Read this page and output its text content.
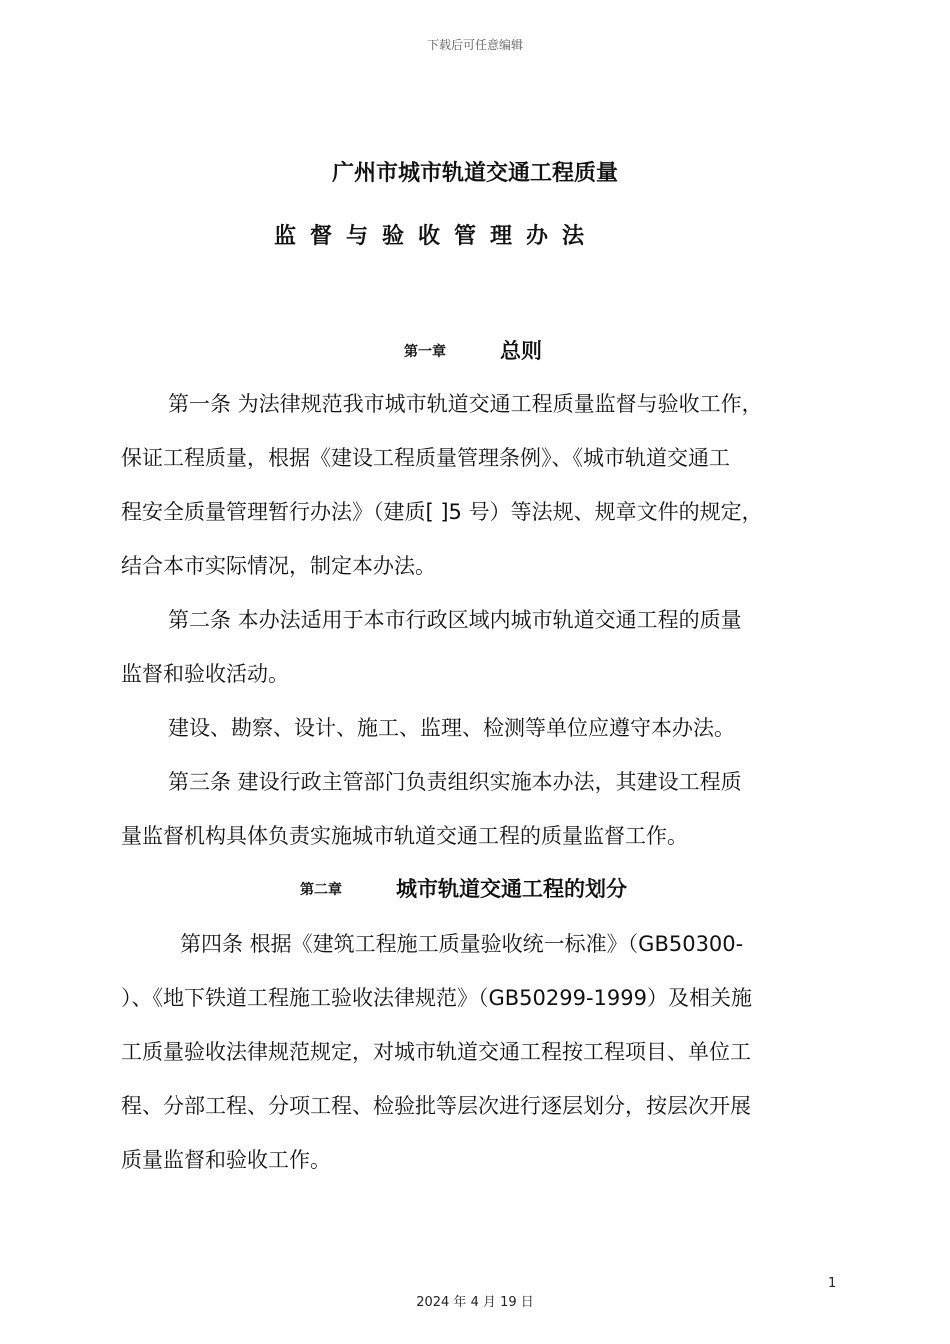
下载后可任意编辑
广州市城市轨道交通工程质量
监督与验收管理办法
第一章	总则

第一条 为法律规范我市城市轨道交通工程质量监督与验收工作，

保证工程质量，根据《建设工程质量管理条例》、《城市轨道交通工

程安全质量管理暂行办法》（建质[ ]5 号）等法规、规章文件的规定，

结合本市实际情况，制定本办法。

第二条 本办法适用于本市行政区域内城市轨道交通工程的质量

监督和验收活动。

建设、勘察、设计、施工、监理、检测等单位应遵守本办法。

第三条 建设行政主管部门负责组织实施本办法，其建设工程质

量监督机构具体负责实施城市轨道交通工程的质量监督工作。

第二章	城市轨道交通工程的划分

第四条 根据《建筑工程施工质量验收统一标准》（GB50300-

）、《地下铁道工程施工验收法律规范》（GB50299-1999）及相关施

工质量验收法律规范规定，对城市轨道交通工程按工程项目、单位工

程、分部工程、分项工程、检验批等层次进行逐层划分，按层次开展

质量监督和验收工作。

1
2024 年 4 月 19 日
